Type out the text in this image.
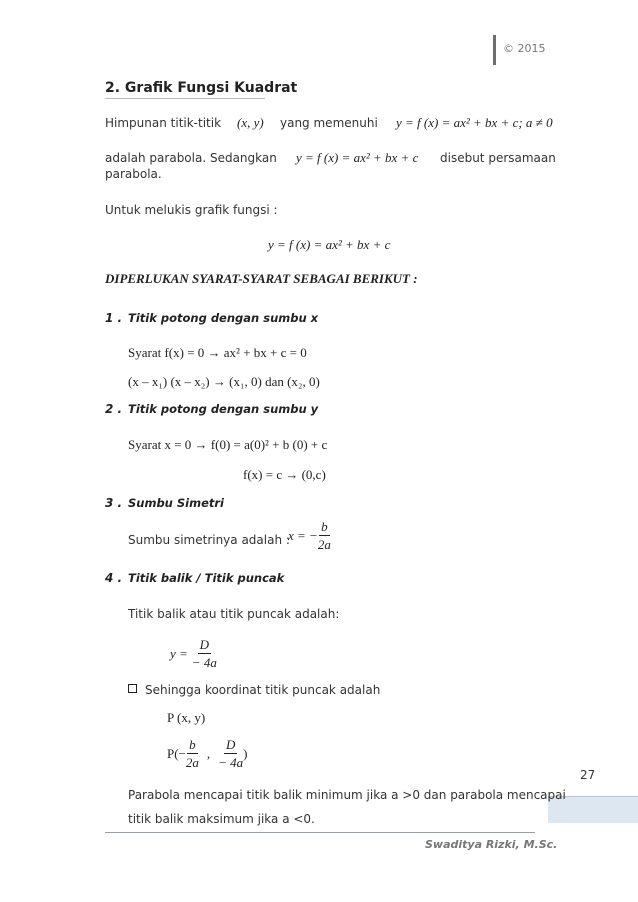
© 2015
2. Grafik Fungsi Kuadrat
Himpunan titik-titik (x, y) yang memenuhi y = f (x) = ax² + bx + c; a ≠ 0
adalah parabola. Sedangkan y = f (x) = ax² + bx + c disebut persamaan
parabola.
Untuk melukis grafik fungsi :
y = f (x) = ax² + bx + c
DIPERLUKAN SYARAT-SYARAT SEBAGAI BERIKUT :
1 . Titik potong dengan sumbu x
Syarat f(x) = 0 → ax² + bx + c = 0
(x – x₁) (x – x₂) → (x₁, 0) dan (x₂, 0)
2 . Titik potong dengan sumbu y
Syarat x = 0 → f(0) = a(0)² + b (0) + c
f(x) = c → (0,c)
3 . Sumbu Simetri
Sumbu simetrinya adalah :
x = − $\frac{b}{2a}$
4 . Titik balik / Titik puncak
Titik balik atau titik puncak adalah:
$y = \frac{D}{- 4a}$
Sehingga koordinat titik puncak adalah
P (x, y)
$P(- \frac{b}{2a}$ , $\frac{D}{- 4a}$ )
27
Parabola mencapai titik balik minimum jika a >0 dan parabola mencapai
titik balik maksimum jika a <0.
Swaditya Rizki, M.Sc.
